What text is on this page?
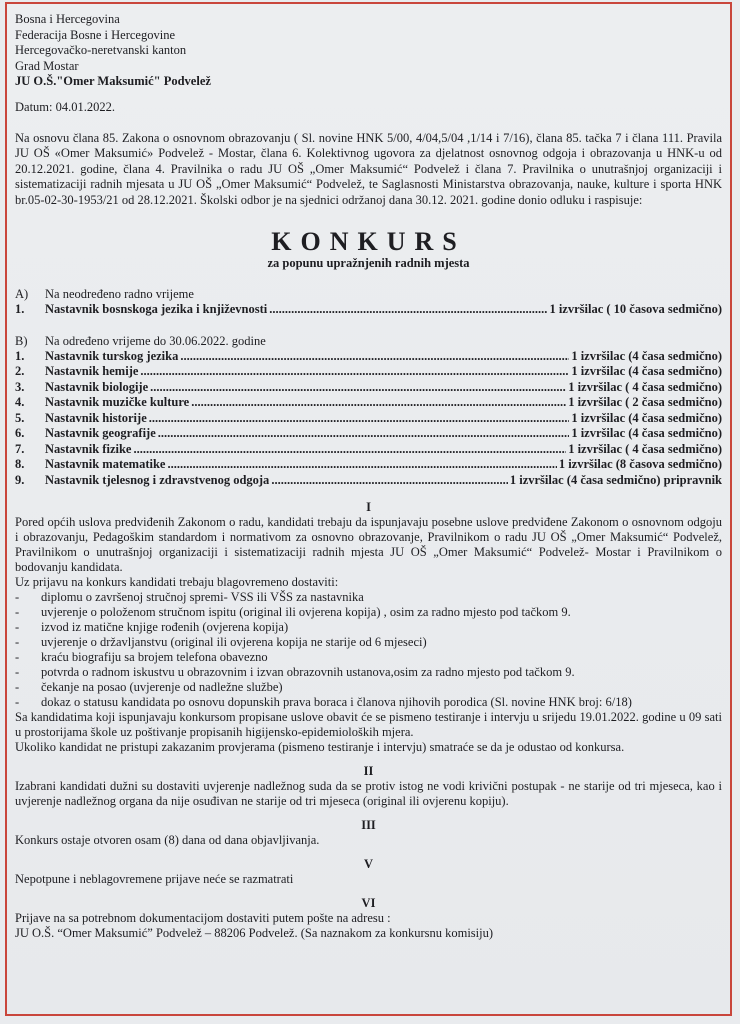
Bosna i Hercegovina
Federacija Bosne i Hercegovine
Hercegovačko-neretvanski kanton
Grad Mostar
JU O.Š."Omer Maksumić" Podvelež
Datum: 04.01.2022.
Na osnovu člana 85. Zakona o osnovnom obrazovanju ( Sl. novine HNK 5/00, 4/04,5/04 ,1/14 i 7/16), člana 85. tačka 7 i člana 111. Pravila JU OŠ «Omer Maksumić» Podvelež - Mostar, člana 6. Kolektivnog ugovora za djelatnost osnovnog odgoja i obrazovanja u HNK-u od 20.12.2021. godine, člana 4. Pravilnika o radu JU OŠ „Omer Maksumić“ Podvelež i člana 7. Pravilnika o unutrašnjoj organizaciji i sistematizaciji radnih mjesata u JU OŠ „Omer Maksumić“ Podvelež, te Saglasnosti Ministarstva obrazovanja, nauke, kulture i sporta HNK br.05-02-30-1953/21 od 28.12.2021. Školski odbor je na sjednici održanoj dana 30.12. 2021. godine donio odluku i raspisuje:
KONKURS
za popunu upražnjenih radnih mjesta
A)	Na neodređeno radno vrijeme
1.	Nastavnik bosnskoga jezika i književnosti .....	1 izvršilac ( 10 časova sedmično)
B)	Na određeno vrijeme do 30.06.2022. godine
1.	Nastavnik turskog jezika .....	1 izvršilac (4 časa sedmično)
2.	Nastavnik hemije .....	1 izvršilac (4 časa sedmično)
3.	Nastavnik biologije .....	1 izvršilac ( 4 časa sedmično)
4.	Nastavnik muzičke kulture .....	1 izvršilac ( 2 časa sedmično)
5.	Nastavnik historije .....	1 izvršilac (4 časa sedmično)
6.	Nastavnik geografije .....	1 izvršilac (4 časa sedmično)
7.	Nastavnik fizike .....	1 izvršilac ( 4 časa sedmično)
8.	Nastavnik matematike .....	1 izvršilac (8 časova sedmično)
9.	Nastavnik tjelesnog i zdravstvenog odgoja .....	1 izvršilac (4 časa sedmično) pripravnik
I
Pored općih uslova predviđenih Zakonom o radu, kandidati trebaju da ispunjavaju posebne uslove predviđene Zakonom o osnovnom odgoju i obrazovanju, Pedagoškim standardom i normativom za osnovno obrazovanje, Pravilnikom o radu JU OŠ „Omer Maksumić“ Podvelež, Pravilnikom o unutrašnjoj organizaciji i sistematizaciji radnih mjesta JU OŠ „Omer Maksumić“ Podvelež- Mostar i Pravilnikom o bodovanju kandidata.
Uz prijavu na konkurs kandidati trebaju blagovremeno dostaviti:
-	diplomu o završenoj stručnoj spremi- VSS ili VŠS za nastavnika
-	uvjerenje o položenom stručnom ispitu (original ili ovjerena kopija) , osim za radno mjesto pod tačkom 9.
-	izvod iz matične knjige rođenih (ovjerena kopija)
-	uvjerenje o državljanstvu (original ili ovjerena kopija ne starije od 6 mjeseci)
-	kraću biografiju sa brojem telefona obavezno
-	potvrda o radnom iskustvu u obrazovnim i izvan obrazovnih ustanova,osim za radno mjesto pod tačkom 9.
-	čekanje na posao (uvjerenje od nadležne službe)
-	dokaz o statusu kandidata po osnovu dopunskih prava boraca i članova njihovih porodica (Sl. novine HNK broj: 6/18)
Sa kandidatima koji ispunjavaju konkursom propisane uslove obavit će se pismeno testiranje i intervju u srijedu 19.01.2022. godine u 09 sati u prostorijama škole uz poštivanje propisanih higijensko-epidemioloških mjera.
Ukoliko kandidat ne pristupi zakazanim provjerama (pismeno testiranje i intervju) smatraće se da je odustao od konkursa.
II
Izabrani kandidati dužni su dostaviti uvjerenje nadležnog suda da se protiv istog ne vodi krivični postupak - ne starije od tri mjeseca, kao i uvjerenje nadležnog organa da nije osuđivan ne starije od tri mjeseca (original ili ovjerenu kopiju).
III
Konkurs ostaje otvoren osam (8) dana od dana objavljivanja.
V
Nepotpune i neblagovremene prijave neće se razmatrati
VI
Prijave na sa potrebnom dokumentacijom dostaviti putem pošte na adresu :
JU O.Š. “Omer Maksumić” Podvelež – 88206 Podvelež. (Sa naznakom za konkursnu komisiju)
